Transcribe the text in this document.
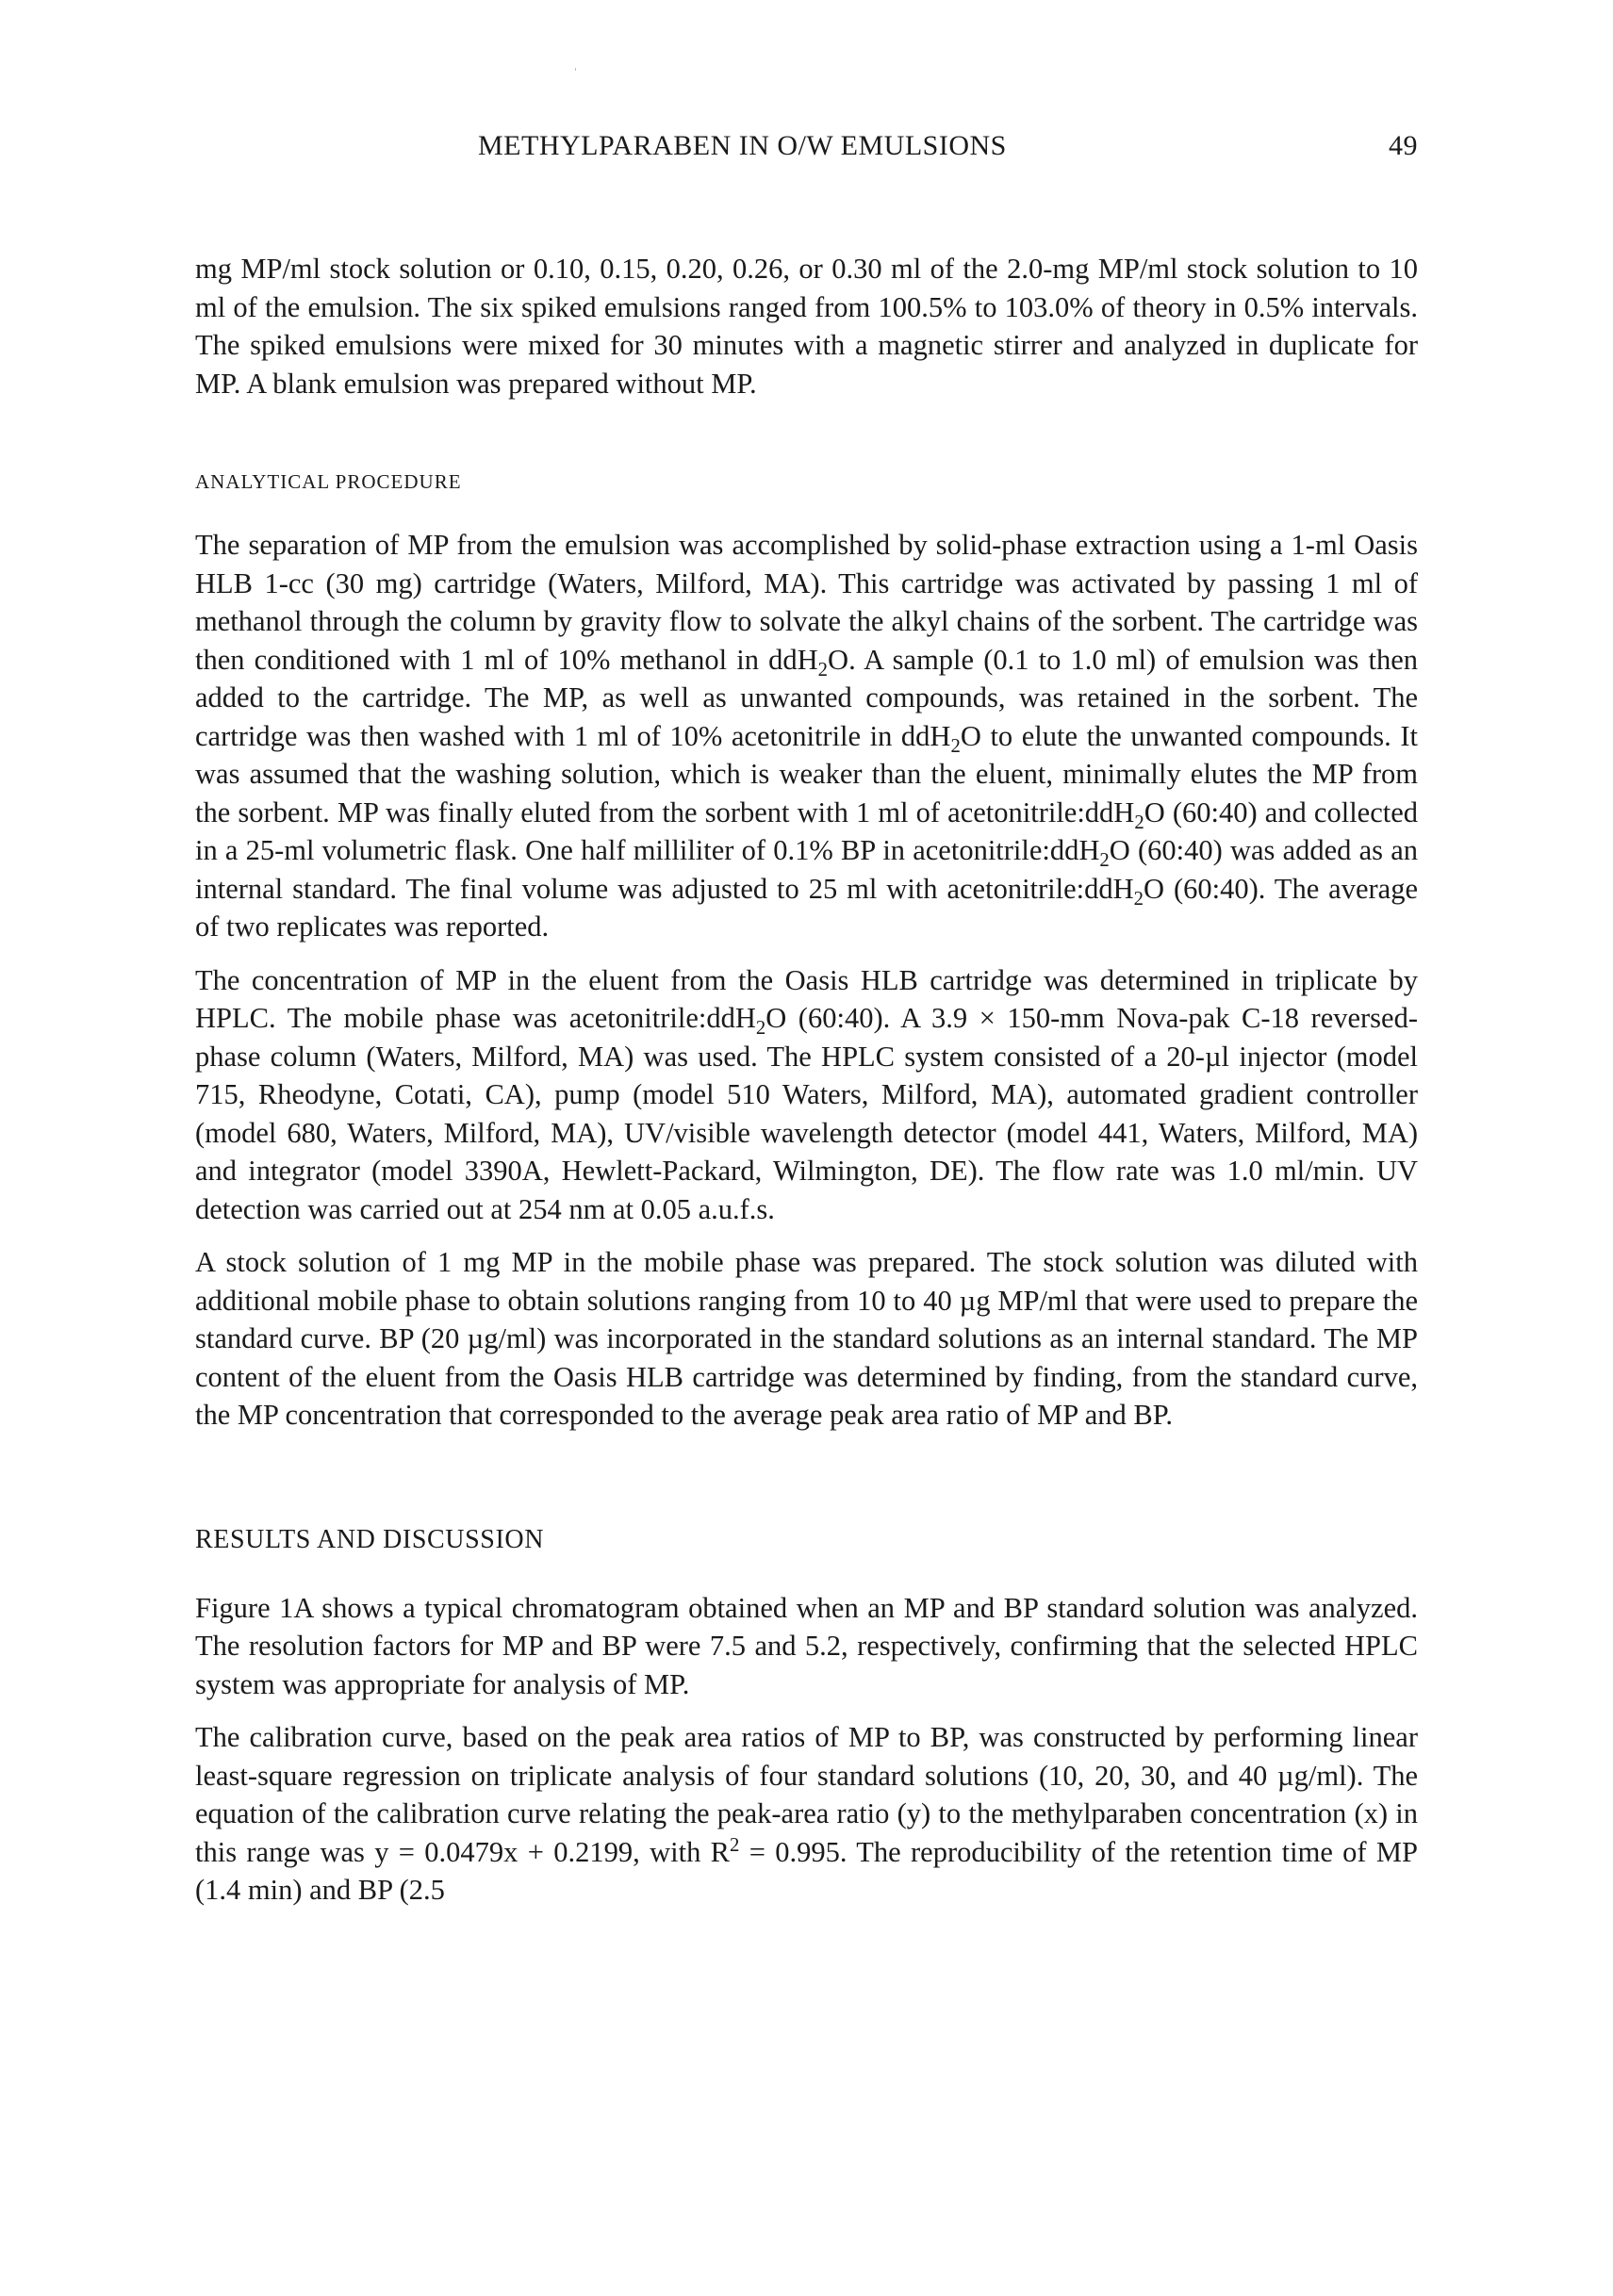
METHYLPARABEN IN O/W EMULSIONS	49

mg MP/ml stock solution or 0.10, 0.15, 0.20, 0.26, or 0.30 ml of the 2.0-mg MP/ml stock solution to 10 ml of the emulsion. The six spiked emulsions ranged from 100.5% to 103.0% of theory in 0.5% intervals. The spiked emulsions were mixed for 30 minutes with a magnetic stirrer and analyzed in duplicate for MP. A blank emulsion was prepared without MP.

ANALYTICAL PROCEDURE

The separation of MP from the emulsion was accomplished by solid-phase extraction using a 1-ml Oasis HLB 1-cc (30 mg) cartridge (Waters, Milford, MA). This cartridge was activated by passing 1 ml of methanol through the column by gravity flow to solvate the alkyl chains of the sorbent. The cartridge was then conditioned with 1 ml of 10% methanol in ddH$_2$O. A sample (0.1 to 1.0 ml) of emulsion was then added to the cartridge. The MP, as well as unwanted compounds, was retained in the sorbent. The cartridge was then washed with 1 ml of 10% acetonitrile in ddH$_2$O to elute the unwanted compounds. It was assumed that the washing solution, which is weaker than the eluent, minimally elutes the MP from the sorbent. MP was finally eluted from the sorbent with 1 ml of acetonitrile:ddH$_2$O (60:40) and collected in a 25-ml volumetric flask. One half milliliter of 0.1% BP in acetonitrile:ddH$_2$O (60:40) was added as an internal standard. The final volume was adjusted to 25 ml with acetonitrile:ddH$_2$O (60:40). The average of two replicates was reported.

The concentration of MP in the eluent from the Oasis HLB cartridge was determined in triplicate by HPLC. The mobile phase was acetonitrile:ddH$_2$O (60:40). A 3.9 × 150-mm Nova-pak C-18 reversed-phase column (Waters, Milford, MA) was used. The HPLC system consisted of a 20-µl injector (model 715, Rheodyne, Cotati, CA), pump (model 510 Waters, Milford, MA), automated gradient controller (model 680, Waters, Milford, MA), UV/visible wavelength detector (model 441, Waters, Milford, MA) and integrator (model 3390A, Hewlett-Packard, Wilmington, DE). The flow rate was 1.0 ml/min. UV detection was carried out at 254 nm at 0.05 a.u.f.s.

A stock solution of 1 mg MP in the mobile phase was prepared. The stock solution was diluted with additional mobile phase to obtain solutions ranging from 10 to 40 µg MP/ml that were used to prepare the standard curve. BP (20 µg/ml) was incorporated in the standard solutions as an internal standard. The MP content of the eluent from the Oasis HLB cartridge was determined by finding, from the standard curve, the MP concentration that corresponded to the average peak area ratio of MP and BP.

RESULTS AND DISCUSSION

Figure 1A shows a typical chromatogram obtained when an MP and BP standard solution was analyzed. The resolution factors for MP and BP were 7.5 and 5.2, respectively, confirming that the selected HPLC system was appropriate for analysis of MP.

The calibration curve, based on the peak area ratios of MP to BP, was constructed by performing linear least-square regression on triplicate analysis of four standard solutions (10, 20, 30, and 40 µg/ml). The equation of the calibration curve relating the peak-area ratio (y) to the methylparaben concentration (x) in this range was y = 0.0479x + 0.2199, with $R^2 = 0.995$. The reproducibility of the retention time of MP (1.4 min) and BP (2.5
